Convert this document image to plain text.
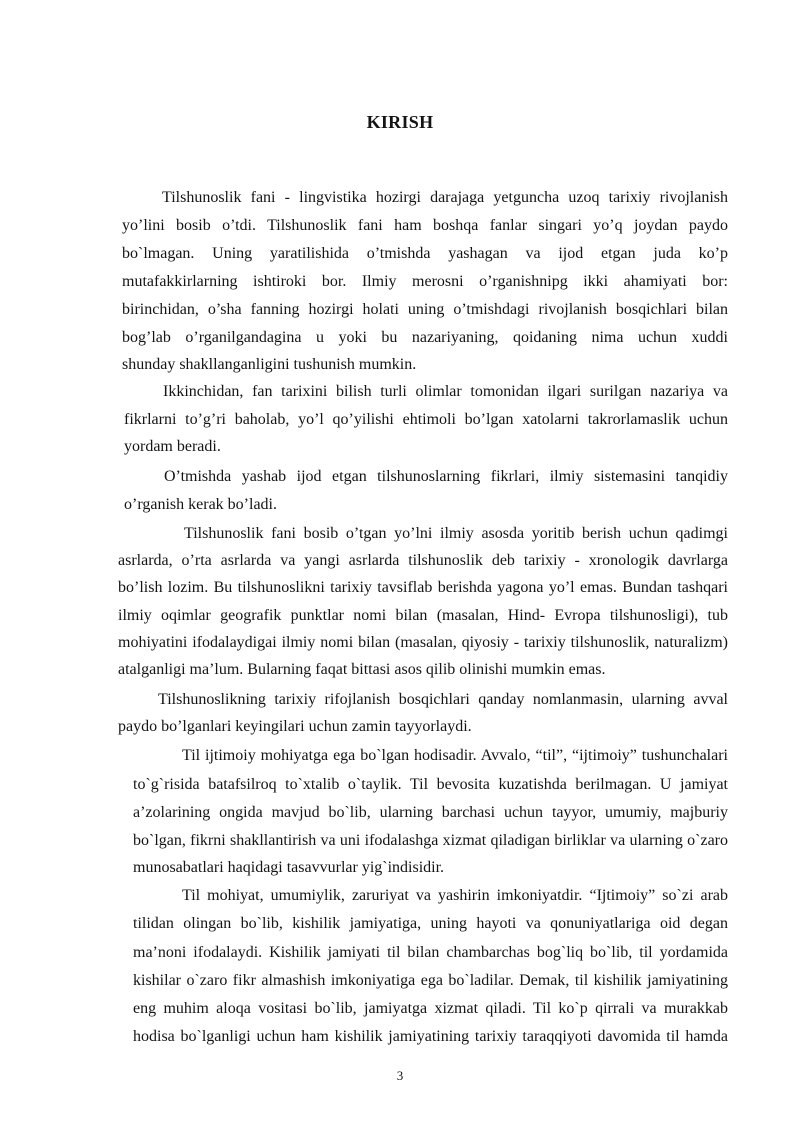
KIRISH
Tilshunoslik fani - lingvistika hozirgi darajaga yetguncha uzoq tarixiy rivojlanish
yo’lini bosib o’tdi. Tilshunoslik fani ham boshqa fanlar singari yo’q joydan paydo
bo`lmagan. Uning yaratilishida o’tmishda yashagan va ijod etgan juda ko’p
mutafakkirlarning ishtiroki bor. Ilmiy merosni o’rganishnipg ikki ahamiyati bor:
birinchidan, o’sha fanning hozirgi holati uning o’tmishdagi rivojlanish bosqichlari bilan
bog’lab o’rganilgandagina u yoki bu nazariyaning, qoidaning nima uchun xuddi
shunday shakllanganligini tushunish mumkin.
Ikkinchidan, fan tarixini bilish turli olimlar tomonidan ilgari surilgan nazariya va
fikrlarni to’g’ri baholab, yo’l qo’yilishi ehtimoli bo’lgan xatolarni takrorlamaslik uchun
yordam beradi.
O’tmishda yashab ijod etgan tilshunoslarning fikrlari, ilmiy sistemasini tanqidiy
o’rganish kerak bo’ladi.
Tilshunoslik fani bosib o’tgan yo’lni ilmiy asosda yoritib berish uchun qadimgi
asrlarda, o’rta asrlarda va yangi asrlarda tilshunoslik deb tarixiy - xronologik davrlarga
bo’lish lozim. Bu tilshunoslikni tarixiy tavsiflab berishda yagona yo’l emas. Bundan tashqari
ilmiy oqimlar geografik punktlar nomi bilan (masalan, Hind- Evropa tilshunosligi), tub
mohiyatini ifodalaydigai ilmiy nomi bilan (masalan, qiyosiy - tarixiy tilshunoslik, naturalizm)
atalganligi ma’lum. Bularning faqat bittasi asos qilib olinishi mumkin emas.
Tilshunoslikning tarixiy rifojlanish bosqichlari qanday nomlanmasin, ularning avval
paydo bo’lganlari keyingilari uchun zamin tayyorlaydi.
Til ijtimoiy mohiyatga ega bo`lgan hodisadir. Avvalo, “til”, “ijtimoiy” tushunchalari
to`g`risida batafsilroq to`xtalib o`taylik. Til bevosita kuzatishda berilmagan. U jamiyat
a’zolarining ongida mavjud bo`lib, ularning barchasi uchun tayyor, umumiy, majburiy
bo`lgan, fikrni shakllantirish va uni ifodalashga xizmat qiladigan birliklar va ularning o`zaro
munosabatlari haqidagi tasavvurlar yig`indisidir.
Til mohiyat, umumiylik, zaruriyat va yashirin imkoniyatdir. “Ijtimoiy” so`zi arab
tilidan olingan bo`lib, kishilik jamiyatiga, uning hayoti va qonuniyatlariga oid degan
ma’noni ifodalaydi. Kishilik jamiyati til bilan chambarchas bog`liq bo`lib, til yordamida
kishilar o`zaro fikr almashish imkoniyatiga ega bo`ladilar. Demak, til kishilik jamiyatining
eng muhim aloqa vositasi bo`lib, jamiyatga xizmat qiladi. Til ko`p qirrali va murakkab
hodisa bo`lganligi uchun ham kishilik jamiyatining tarixiy taraqqiyoti davomida til hamda
3
